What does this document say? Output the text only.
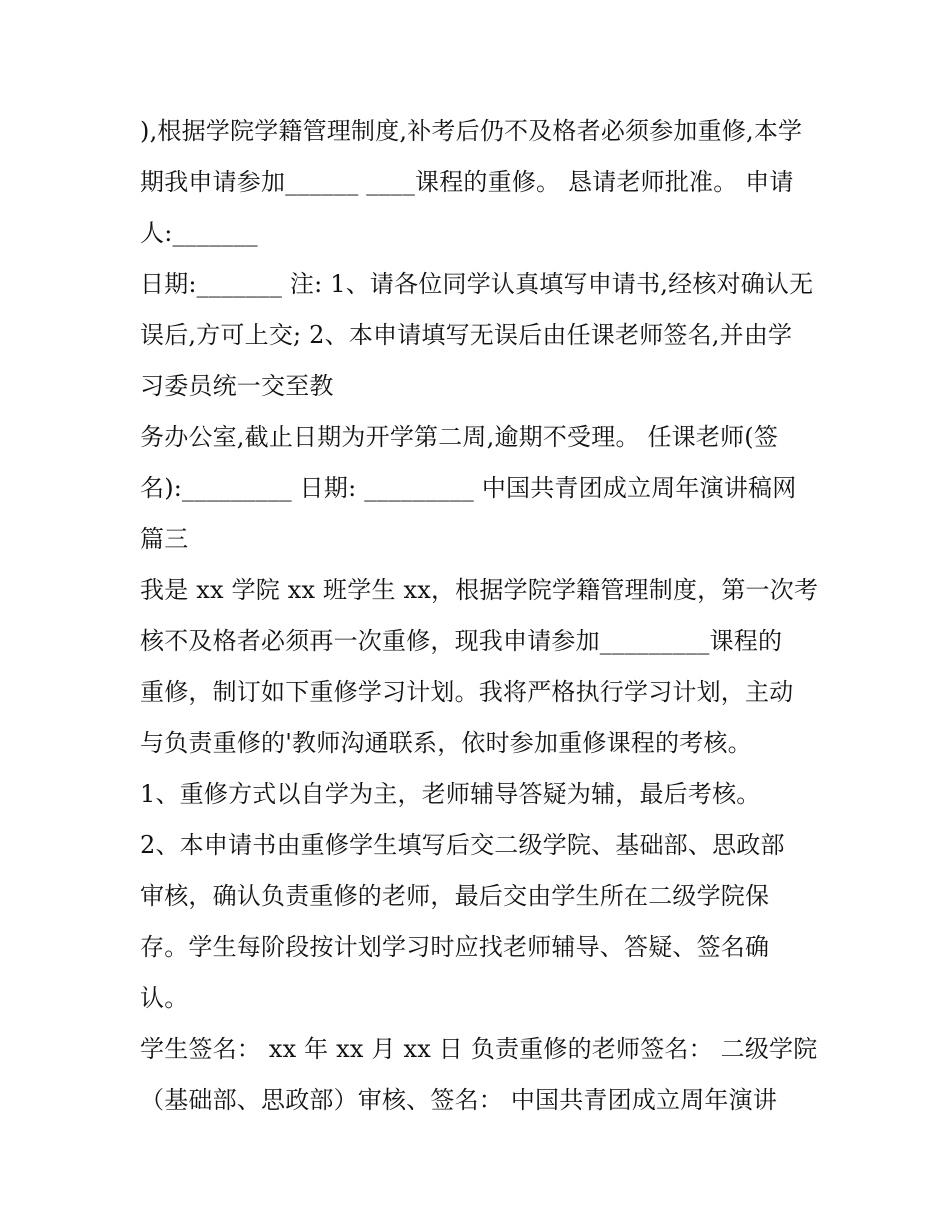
),根据学院学籍管理制度,补考后仍不及格者必须参加重修,本学
期我申请参加______ ____课程的重修。 恳请老师批准。 申请
人:_______
日期:_______ 注: 1、请各位同学认真填写申请书,经核对确认无
误后,方可上交; 2、本申请填写无误后由任课老师签名,并由学
习委员统一交至教
务办公室,截止日期为开学第二周,逾期不受理。 任课老师(签
名):_________ 日期: _________ 中国共青团成立周年演讲稿网
篇三
我是 xx 学院 xx 班学生 xx，根据学院学籍管理制度，第一次考
核不及格者必须再一次重修，现我申请参加_________课程的
重修，制订如下重修学习计划。我将严格执行学习计划，主动
与负责重修的'教师沟通联系，依时参加重修课程的考核。
1、重修方式以自学为主，老师辅导答疑为辅，最后考核。
2、本申请书由重修学生填写后交二级学院、基础部、思政部
审核，确认负责重修的老师，最后交由学生所在二级学院保
存。学生每阶段按计划学习时应找老师辅导、答疑、签名确
认。
学生签名： xx 年 xx 月 xx 日 负责重修的老师签名： 二级学院
（基础部、思政部）审核、签名： 中国共青团成立周年演讲
